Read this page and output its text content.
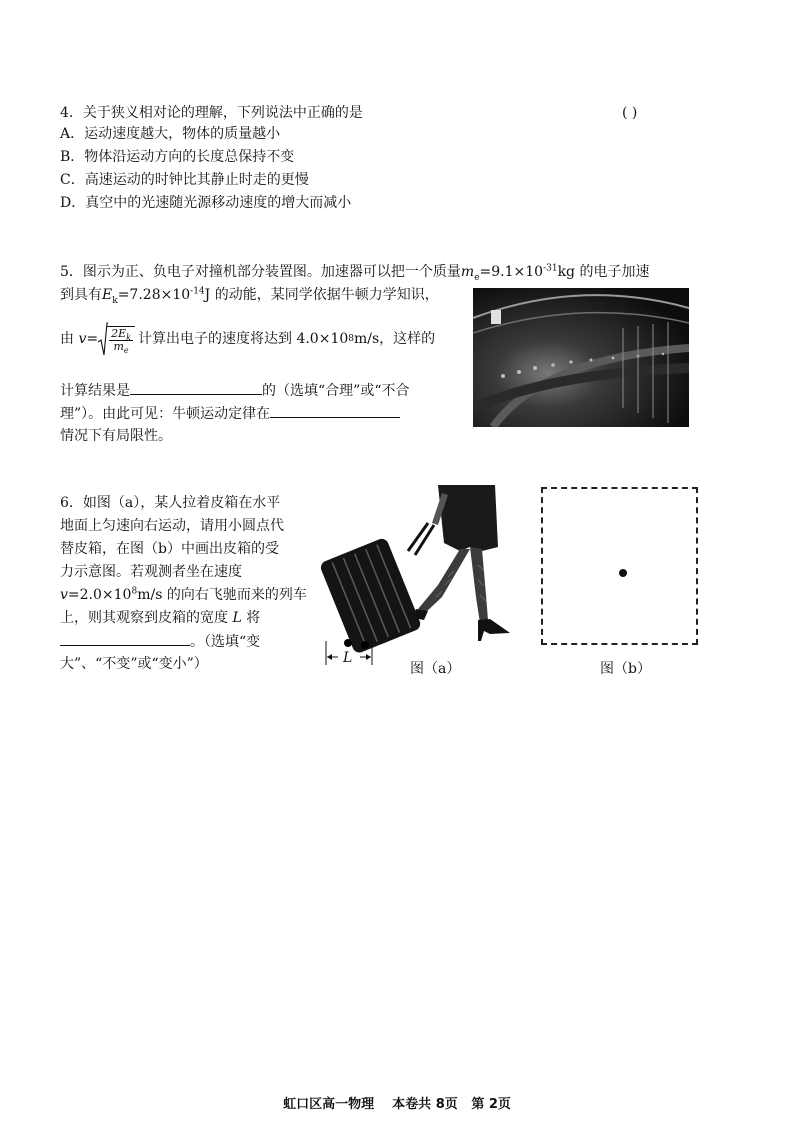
4．关于狭义相对论的理解，下列说法中正确的是	( )
A．运动速度越大，物体的质量越小
B．物体沿运动方向的长度总保持不变
C．高速运动的时钟比其静止时走的更慢
D．真空中的光速随光源移动速度的增大而减小
5．图示为正、负电子对撞机部分装置图。加速器可以把一个质量$m_e=9.1\times 10^{-31}kg$ 的电子加速
到具有$E_k=7.28\times 10^{-14}J$ 的动能，某同学依据牛顿力学知识，
由
$v = \frac{2E_k}{m_e}$ 计算出电子的速度将达到 4.0×10 8 m/s，这样的
计算结果是	的（选填“合理”或“不合
理”）。由此可见：牛顿运动定律在
情况下有局限性。
6．如图（a），某人拉着皮箱在水平
地面上匀速向右运动，请用小圆点代
替皮箱，在图（b）中画出皮箱的受
力示意图。若观测者坐在速度
$v=2.0\times 10^8m/s$ 的向右飞驰而来的列车
上，则其观察到皮箱的宽度 L 将
。（选填“变
大”、“不变”或“变小”）	L
图（a）	图（b）
虹口区高一物理    本卷共 8页   第 2页
